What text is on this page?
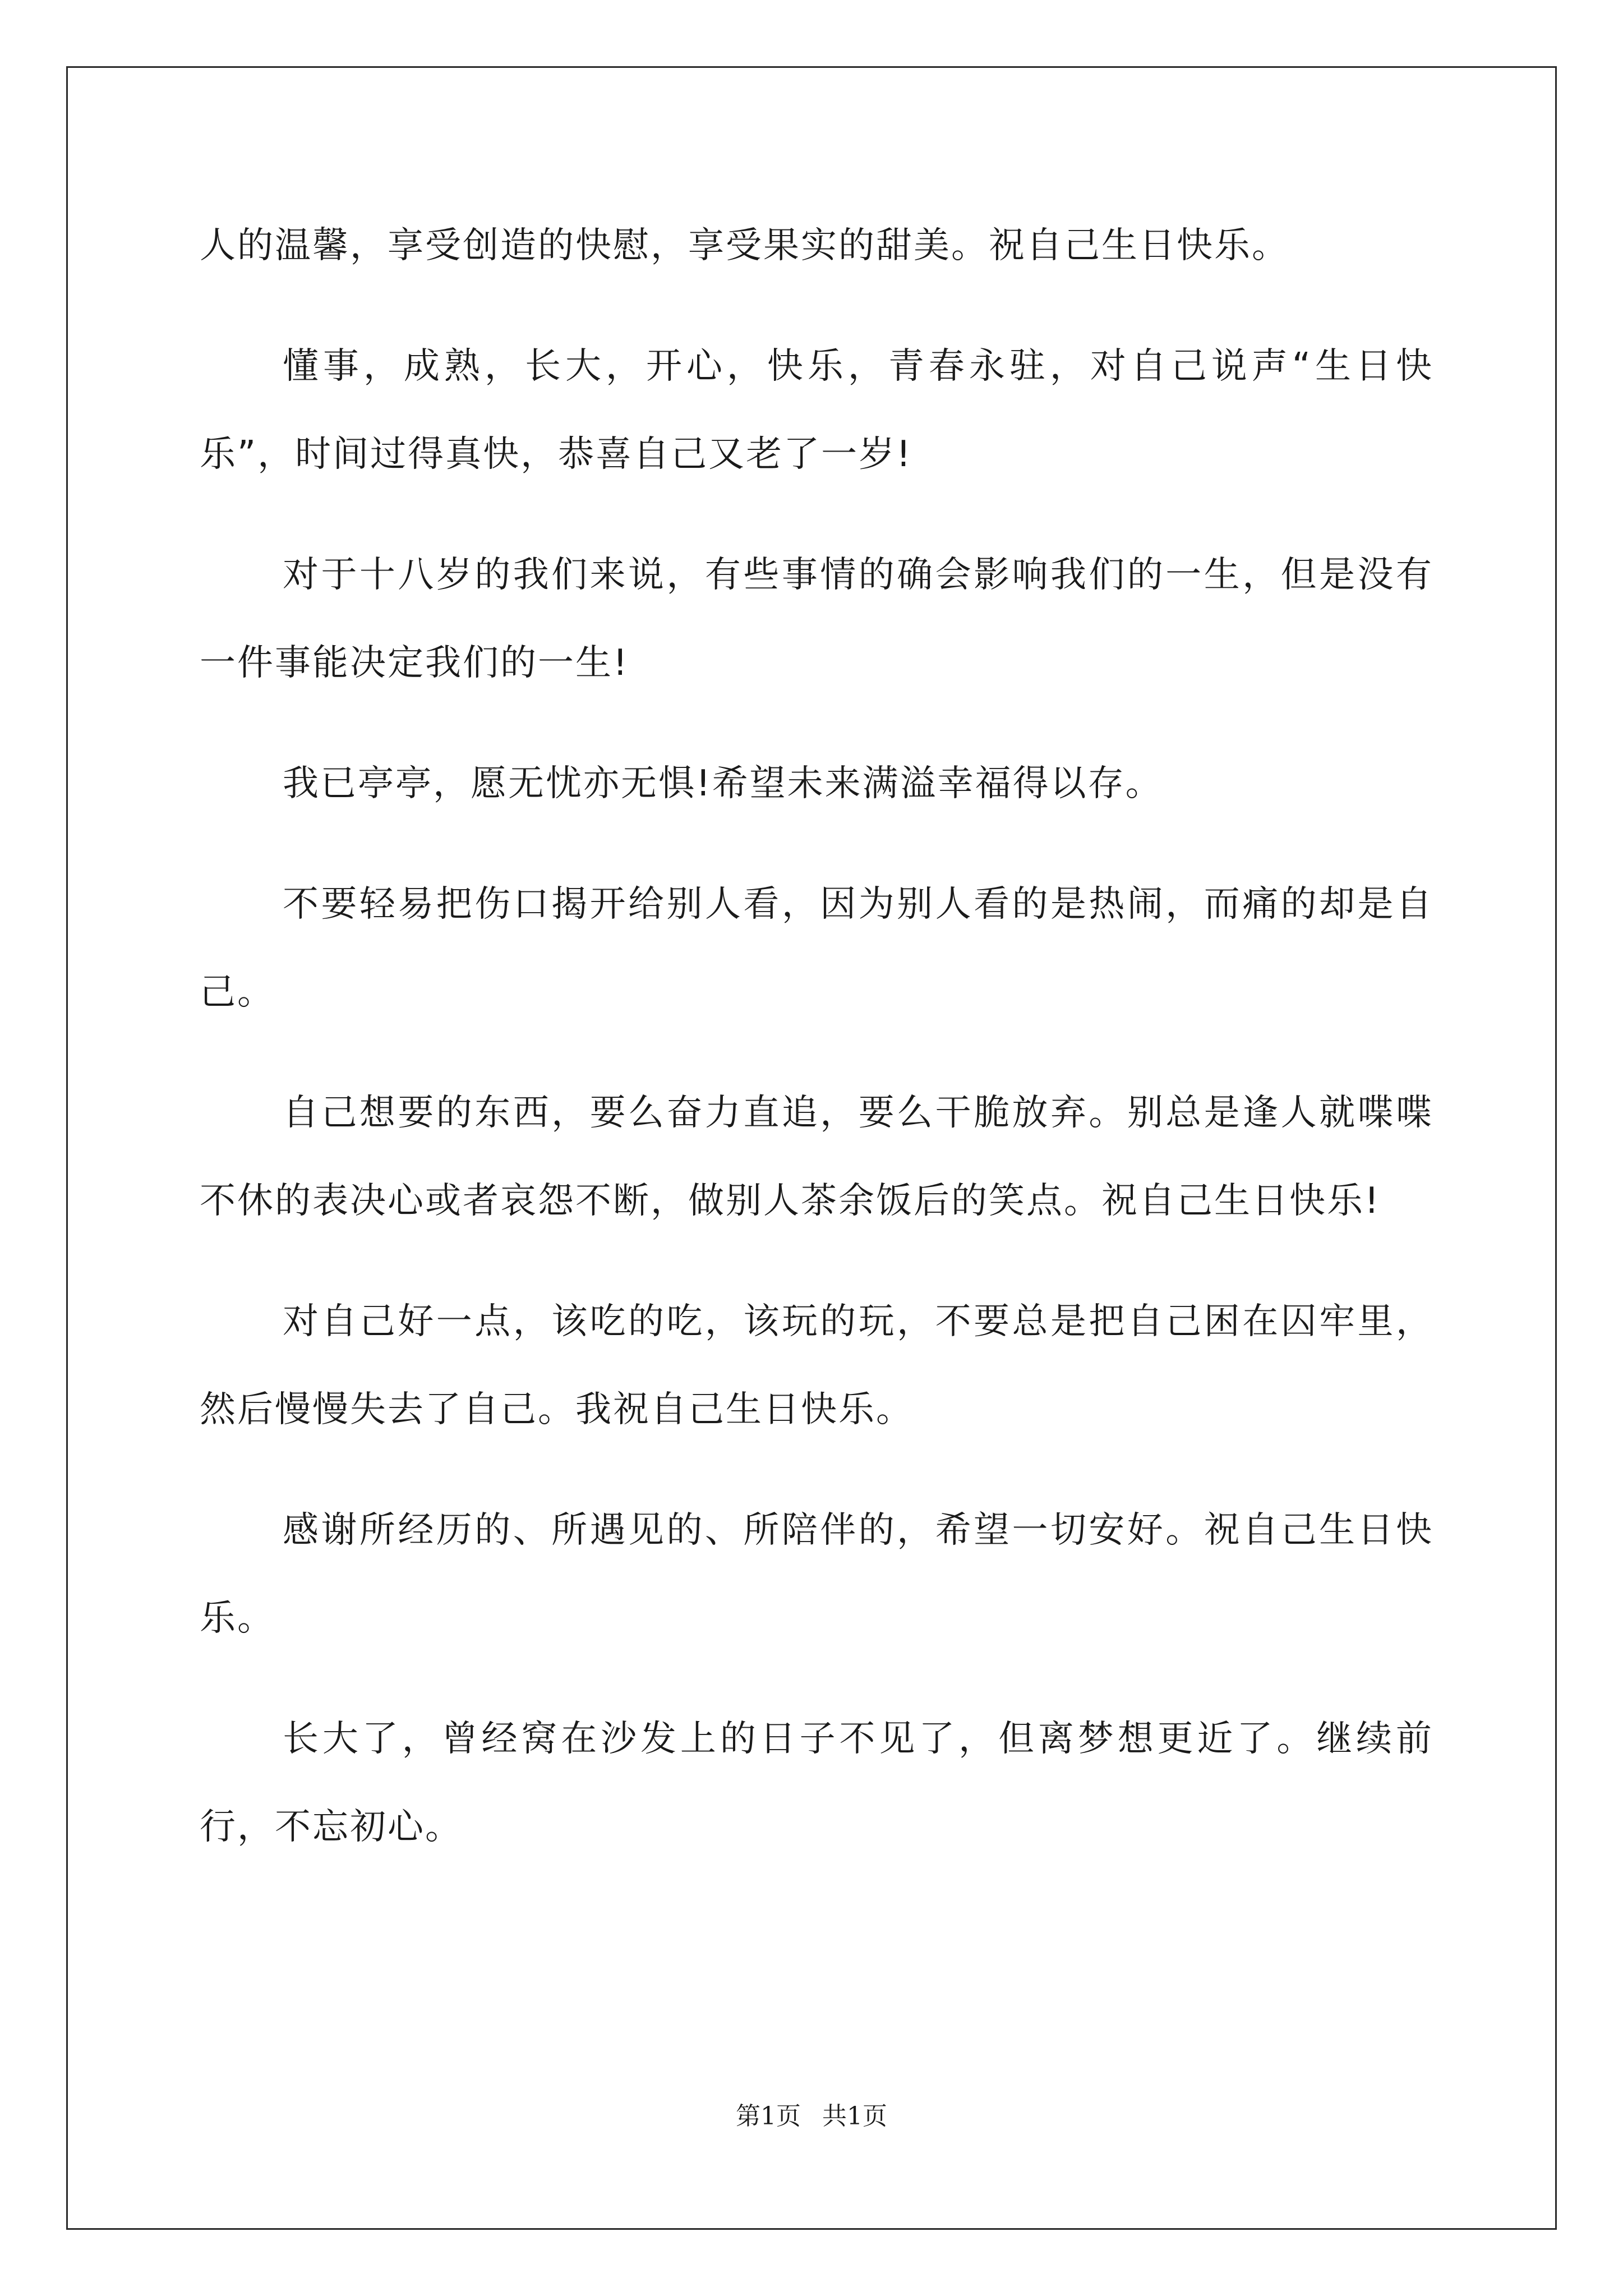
人的温馨，享受创造的快慰，享受果实的甜美。祝自己生日快乐。

懂事，成熟，长大，开心，快乐，青春永驻，对自己说声“生日快乐”，时间过得真快，恭喜自己又老了一岁!

对于十八岁的我们来说，有些事情的确会影响我们的一生，但是没有一件事能决定我们的一生!

我已亭亭，愿无忧亦无惧!希望未来满溢幸福得以存。

不要轻易把伤口揭开给别人看，因为别人看的是热闹，而痛的却是自己。

自己想要的东西，要么奋力直追，要么干脆放弃。别总是逢人就喋喋不休的表决心或者哀怨不断，做别人茶余饭后的笑点。祝自己生日快乐!

对自己好一点，该吃的吃，该玩的玩，不要总是把自己困在囚牢里，然后慢慢失去了自己。我祝自己生日快乐。

感谢所经历的、所遇见的、所陪伴的，希望一切安好。祝自己生日快乐。

长大了，曾经窝在沙发上的日子不见了，但离梦想更近了。继续前行，不忘初心。

第1页 共1页
